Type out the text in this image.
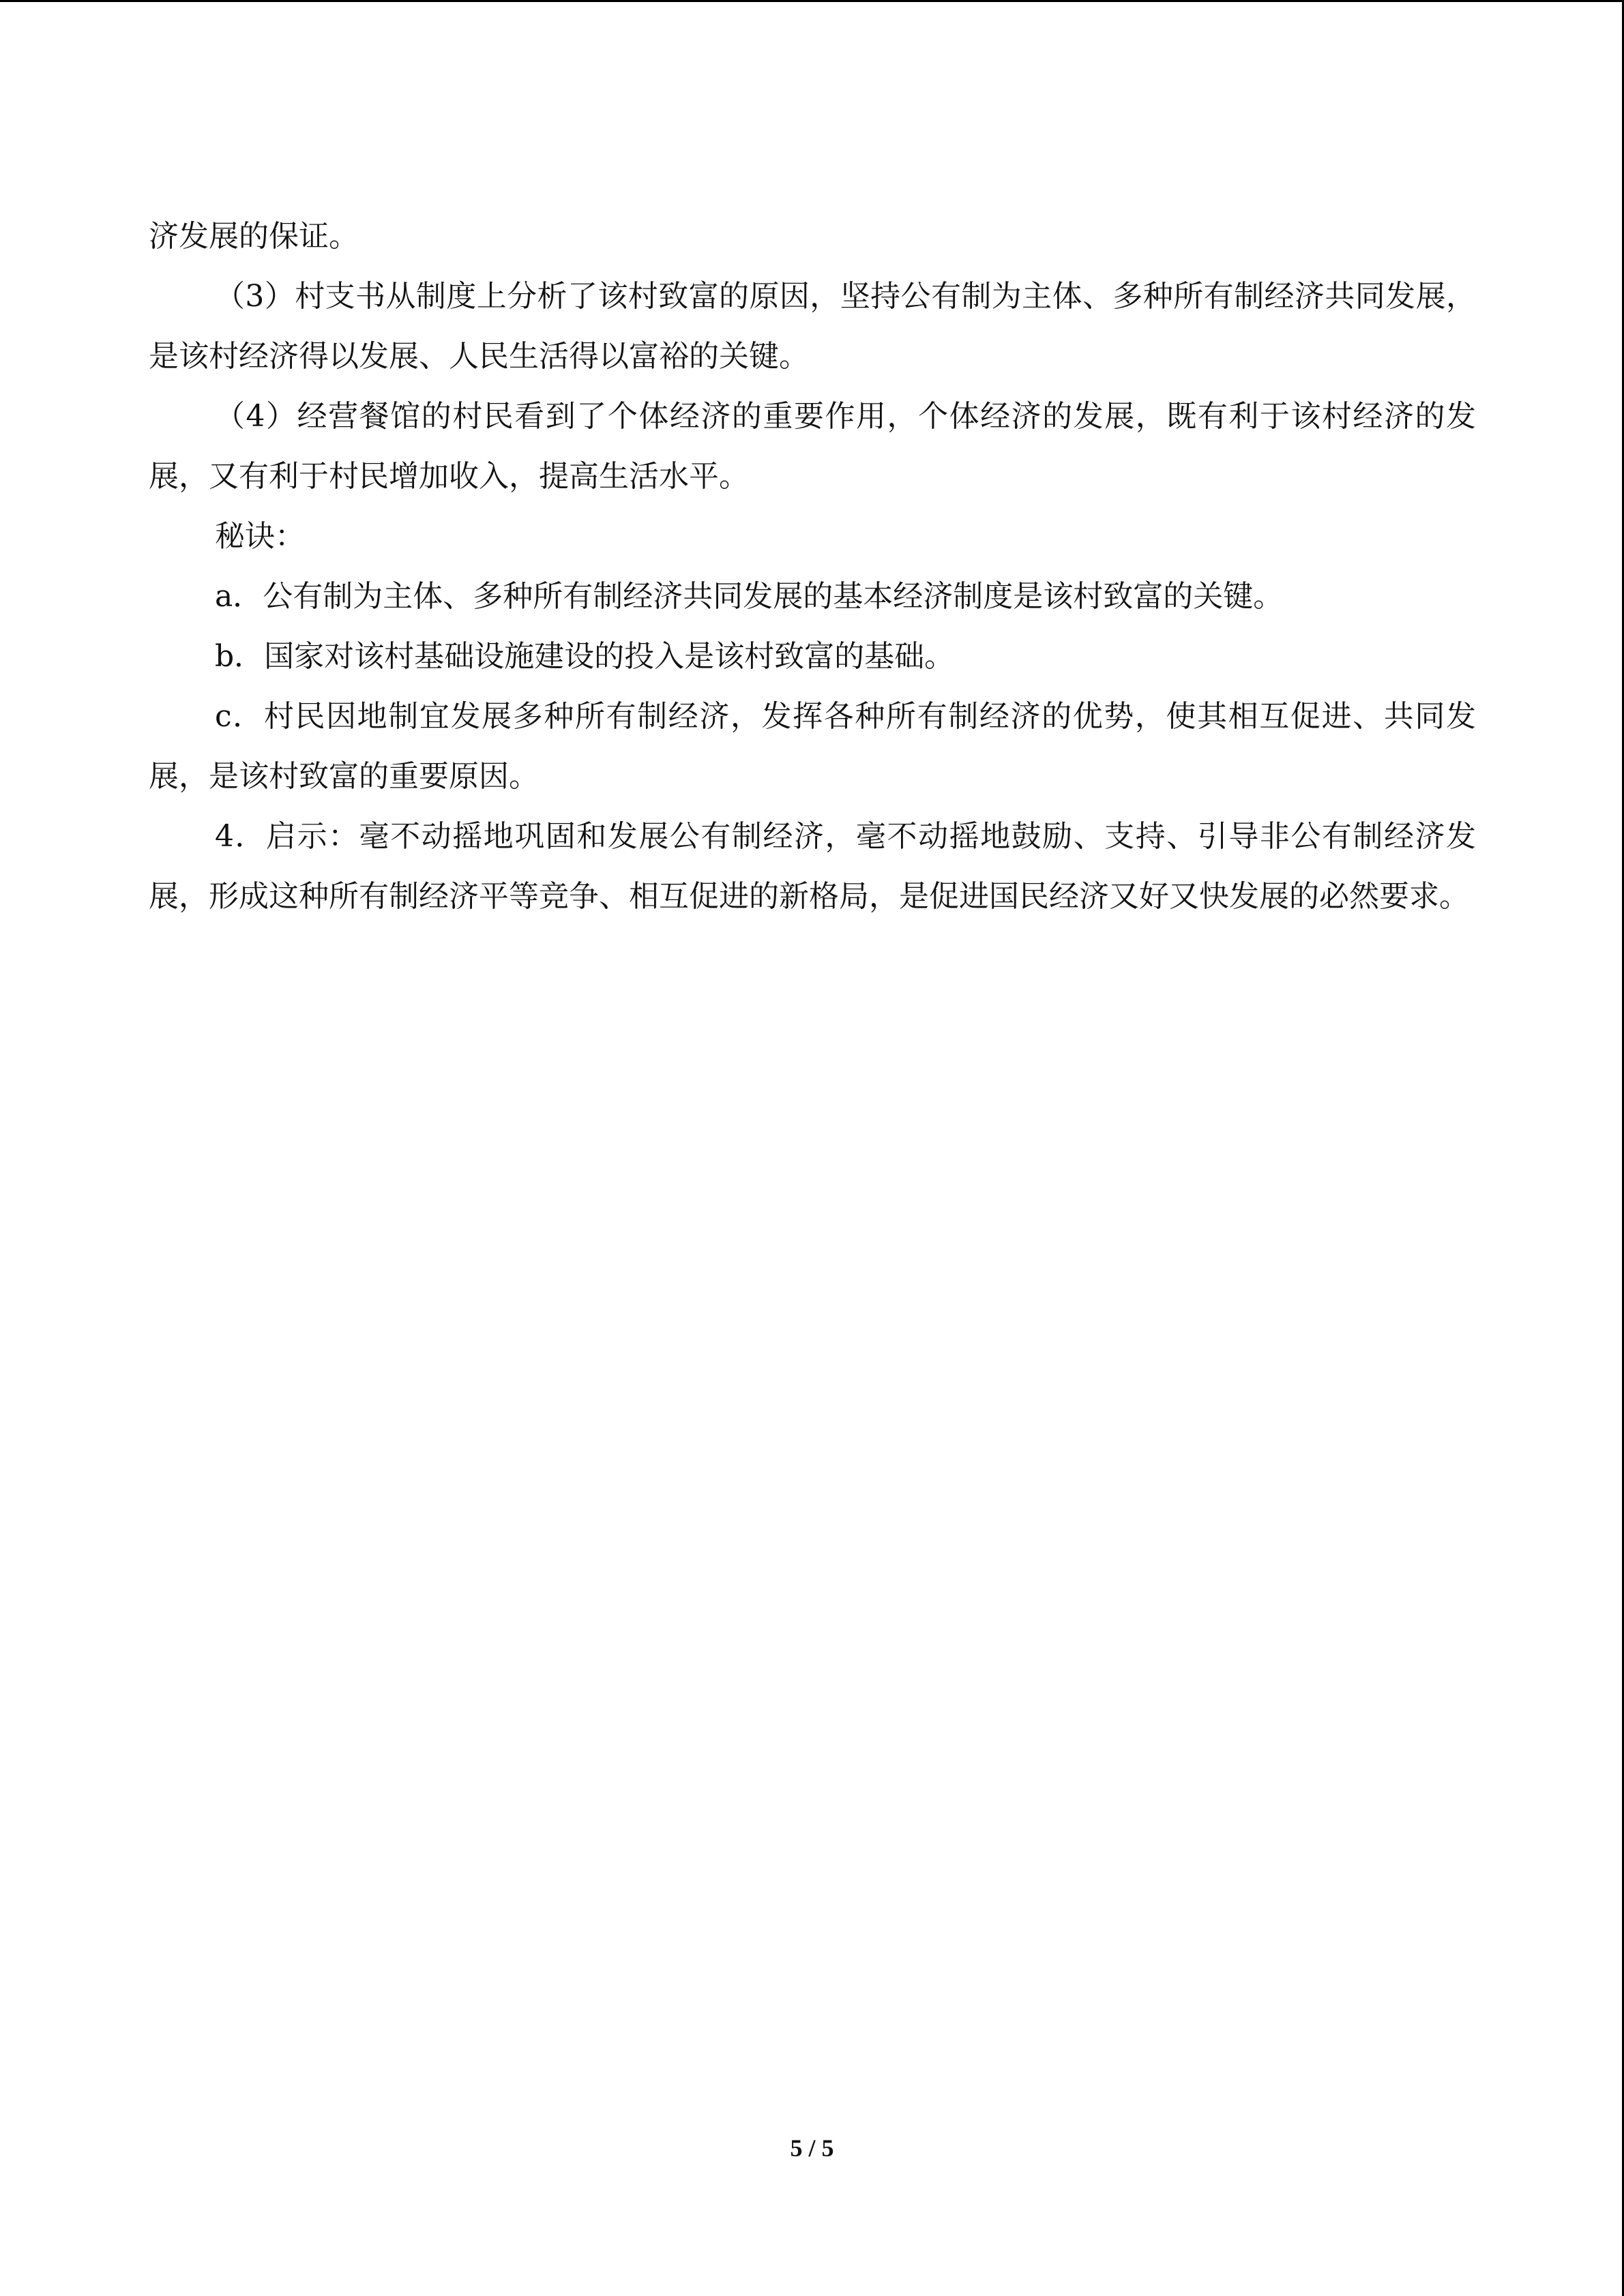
济发展的保证。

（3）村支书从制度上分析了该村致富的原因，坚持公有制为主体、多种所有制经济共同发展，是该村经济得以发展、人民生活得以富裕的关键。

（4）经营餐馆的村民看到了个体经济的重要作用，个体经济的发展，既有利于该村经济的发展，又有利于村民增加收入，提高生活水平。

秘诀：

a．公有制为主体、多种所有制经济共同发展的基本经济制度是该村致富的关键。

b．国家对该村基础设施建设的投入是该村致富的基础。

c．村民因地制宜发展多种所有制经济，发挥各种所有制经济的优势，使其相互促进、共同发展，是该村致富的重要原因。

4．启示：毫不动摇地巩固和发展公有制经济，毫不动摇地鼓励、支持、引导非公有制经济发展，形成这种所有制经济平等竞争、相互促进的新格局，是促进国民经济又好又快发展的必然要求。

5 / 5
